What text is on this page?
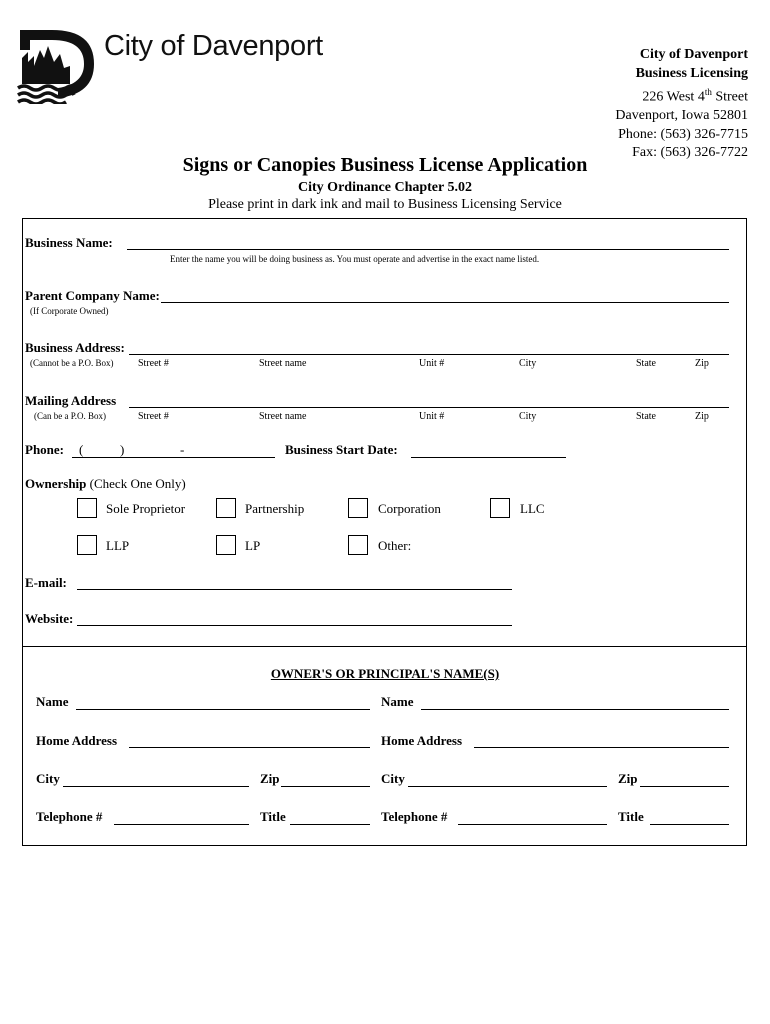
City of Davenport	City of Davenport
Business Licensing
226 West 4th Street
Davenport, Iowa 52801
Phone: (563) 326-7715
Fax: (563) 326-7722
Signs or Canopies Business License Application
City Ordinance Chapter 5.02
Please print in dark ink and mail to Business Licensing Service
Business Name:
Enter the name you will be doing business as. You must operate and advertise in the exact name listed.
Parent Company Name:
(If Corporate Owned)
Business Address:
(Cannot be a P.O. Box) Street #	Street name	Unit #	City	State	Zip
Mailing Address
(Can be a P.O. Box)	Street #	Street name	Unit #	City	State	Zip
Phone: (	)	-	Business Start Date:
Ownership (Check One Only)
Sole Proprietor	Partnership	Corporation	LLC
LLP	LP	Other:
E-mail:
Website:
OWNER'S OR PRINCIPAL'S NAME(S)
Name
Home Address
City	Zip
Telephone #	Title
Name
Home Address
City	Zip
Telephone #	Title
